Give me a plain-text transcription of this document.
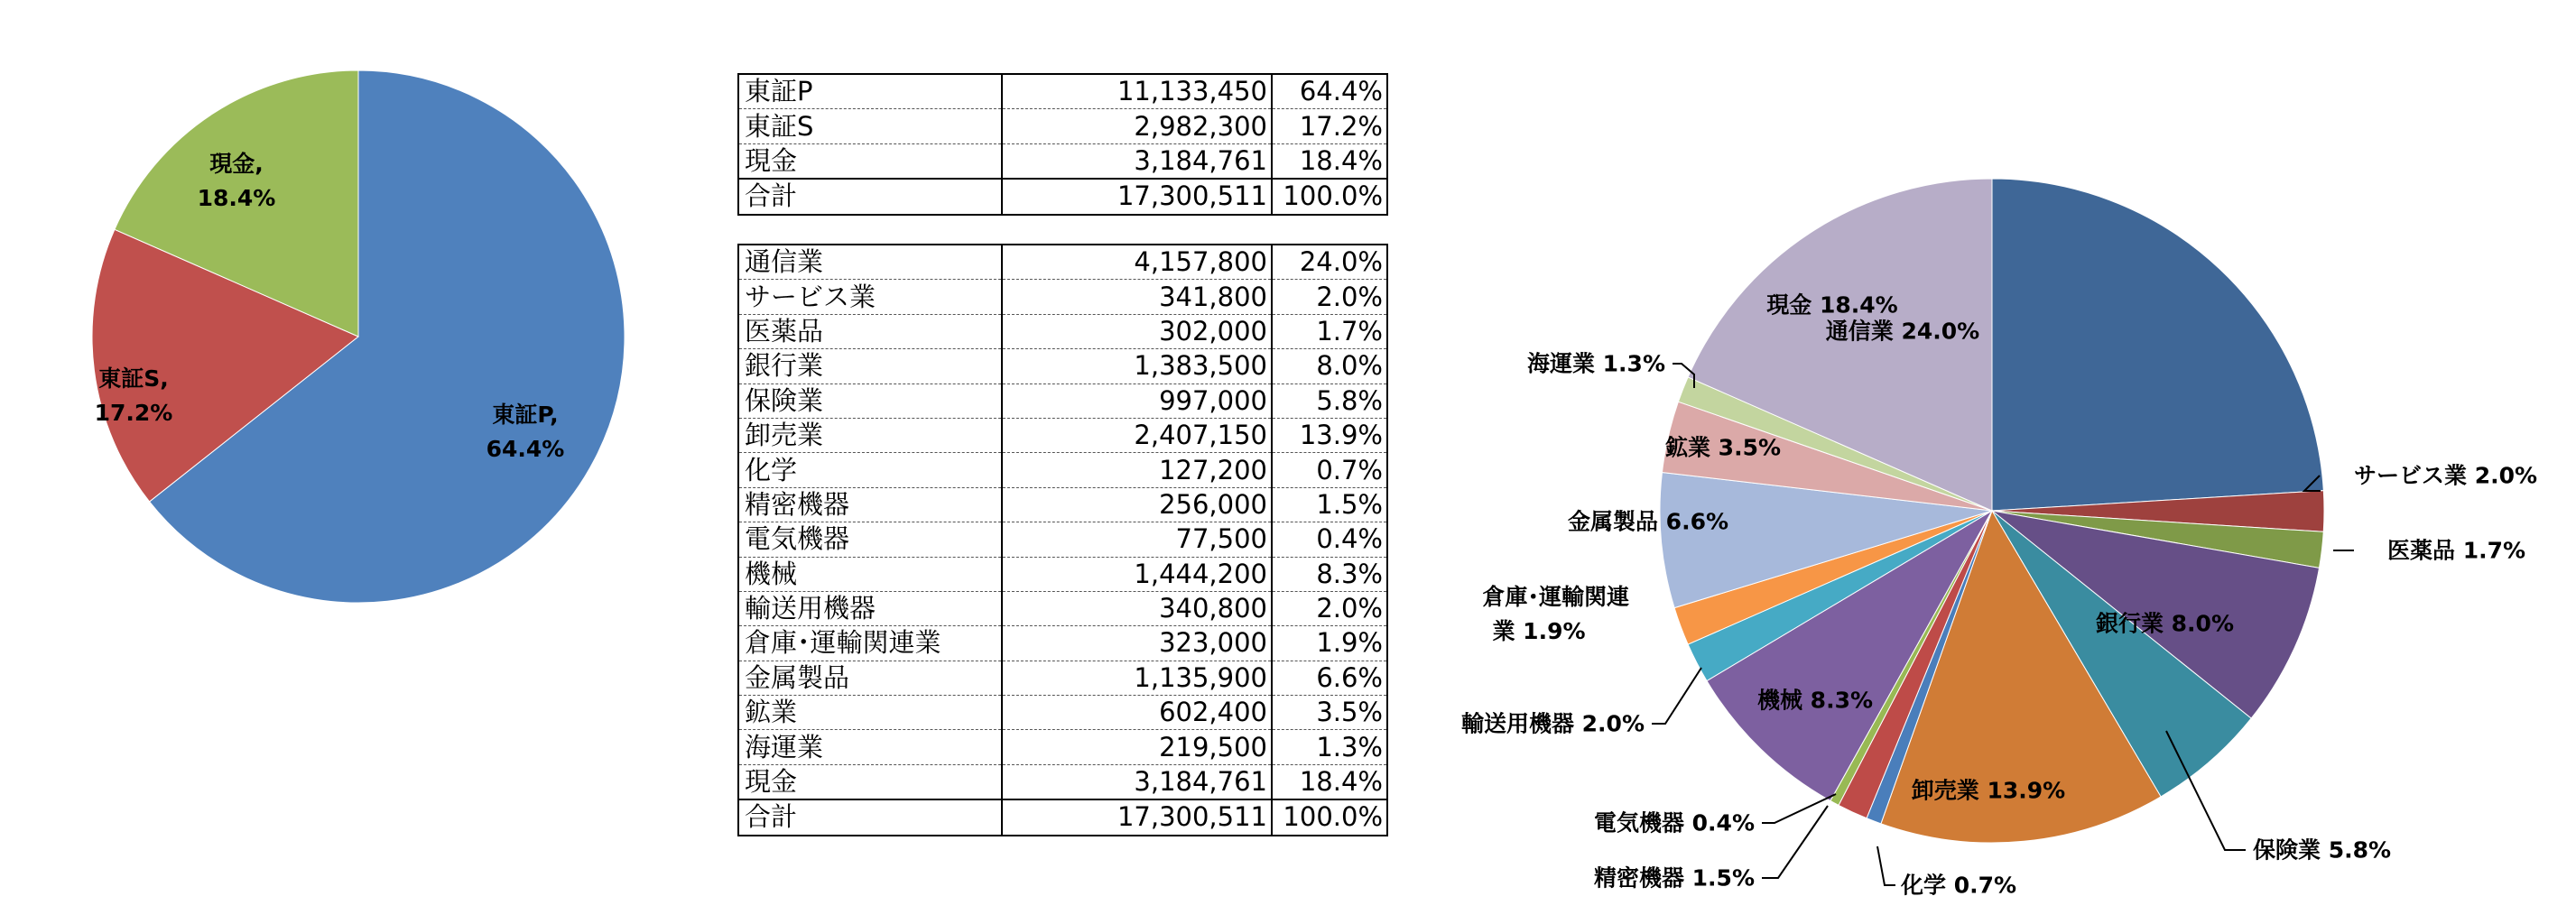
東証P, 64.4%
東証S, 17.2%
現金, 18.4%
東証P	11,133,450	64.4%
東証S	2,982,300	17.2%
現金	3,184,761	18.4%
合計	17,300,511	100.0%
通信業	4,157,800	24.0%
サービス業	341,800	2.0%
医薬品	302,000	1.7%
銀行業	1,383,500	8.0%
保険業	997,000	5.8%
卸売業	2,407,150	13.9%
化学	127,200	0.7%
精密機器	256,000	1.5%
電気機器	77,500	0.4%
機械	1,444,200	8.3%
輸送用機器	340,800	2.0%
倉庫･運輸関連業	323,000	1.9%
金属製品	1,135,900	6.6%
鉱業	602,400	3.5%
海運業	219,500	1.3%
現金	3,184,761	18.4%
合計	17,300,511	100.0%
通信業 24.0%
サービス業 2.0%
医薬品 1.7%
銀行業 8.0%
保険業 5.8%
卸売業 13.9%
化学 0.7%
精密機器 1.5%
電気機器 0.4%
機械 8.3%
輸送用機器 2.0%
倉庫･運輸関連業 1.9%
金属製品 6.6%
鉱業 3.5%
海運業 1.3%
現金 18.4%
